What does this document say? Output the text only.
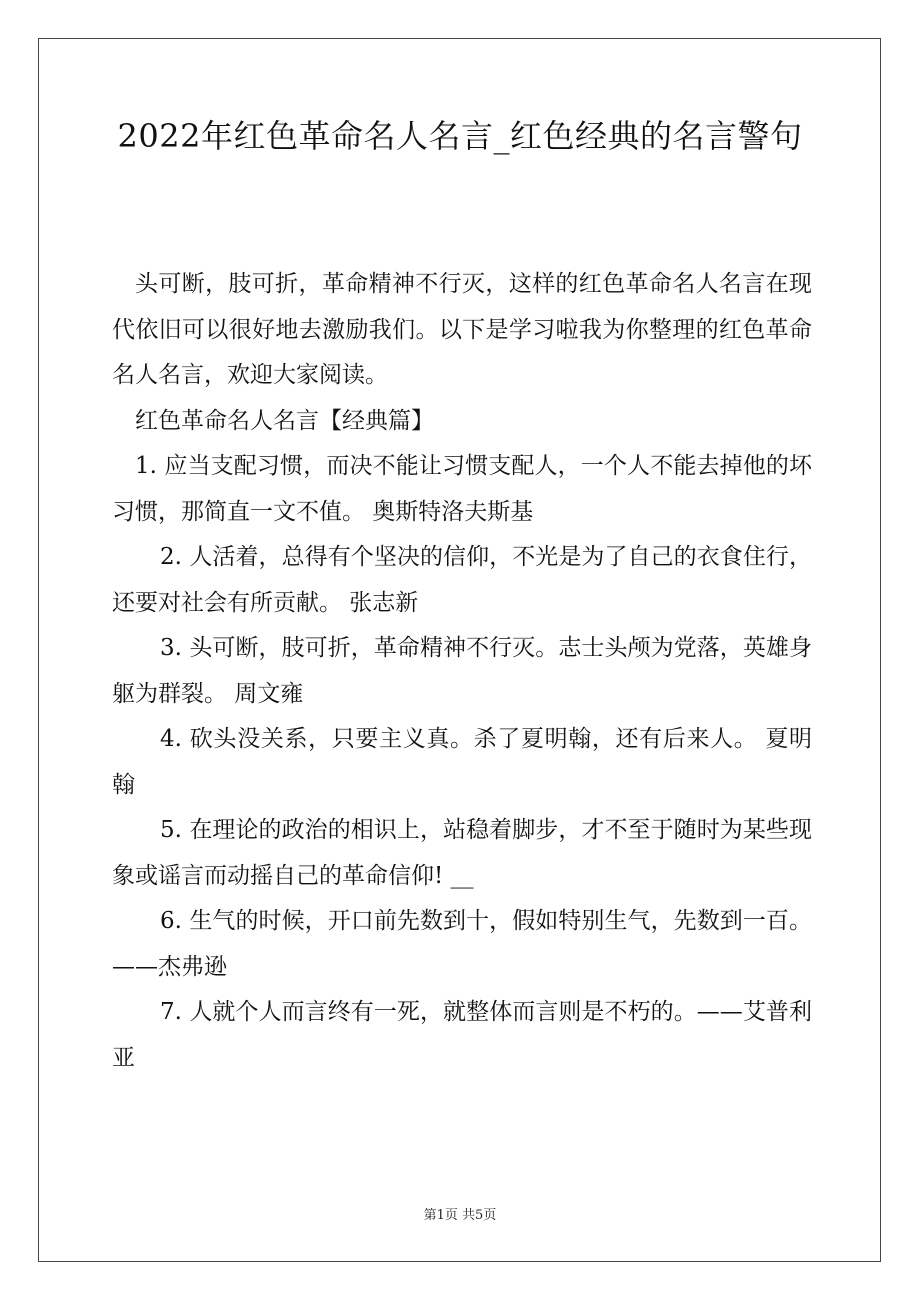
2022年红色革命名人名言_红色经典的名言警句

头可断，肢可折，革命精神不行灭，这样的红色革命名人名言在现代依旧可以很好地去激励我们。以下是学习啦我为你整理的红色革命名人名言，欢迎大家阅读。

红色革命名人名言【经典篇】

1. 应当支配习惯，而决不能让习惯支配人，一个人不能去掉他的坏习惯，那简直一文不值。 奥斯特洛夫斯基

2. 人活着，总得有个坚决的信仰，不光是为了自己的衣食住行，还要对社会有所贡献。 张志新

3. 头可断，肢可折，革命精神不行灭。志士头颅为党落，英雄身躯为群裂。 周文雍

4. 砍头没关系，只要主义真。杀了夏明翰，还有后来人。 夏明翰

5. 在理论的政治的相识上，站稳着脚步，才不至于随时为某些现象或谣言而动摇自己的革命信仰! __

6. 生气的时候，开口前先数到十，假如特别生气，先数到一百。——杰弗逊

7. 人就个人而言终有一死，就整体而言则是不朽的。——艾普利亚

第1页 共5页
